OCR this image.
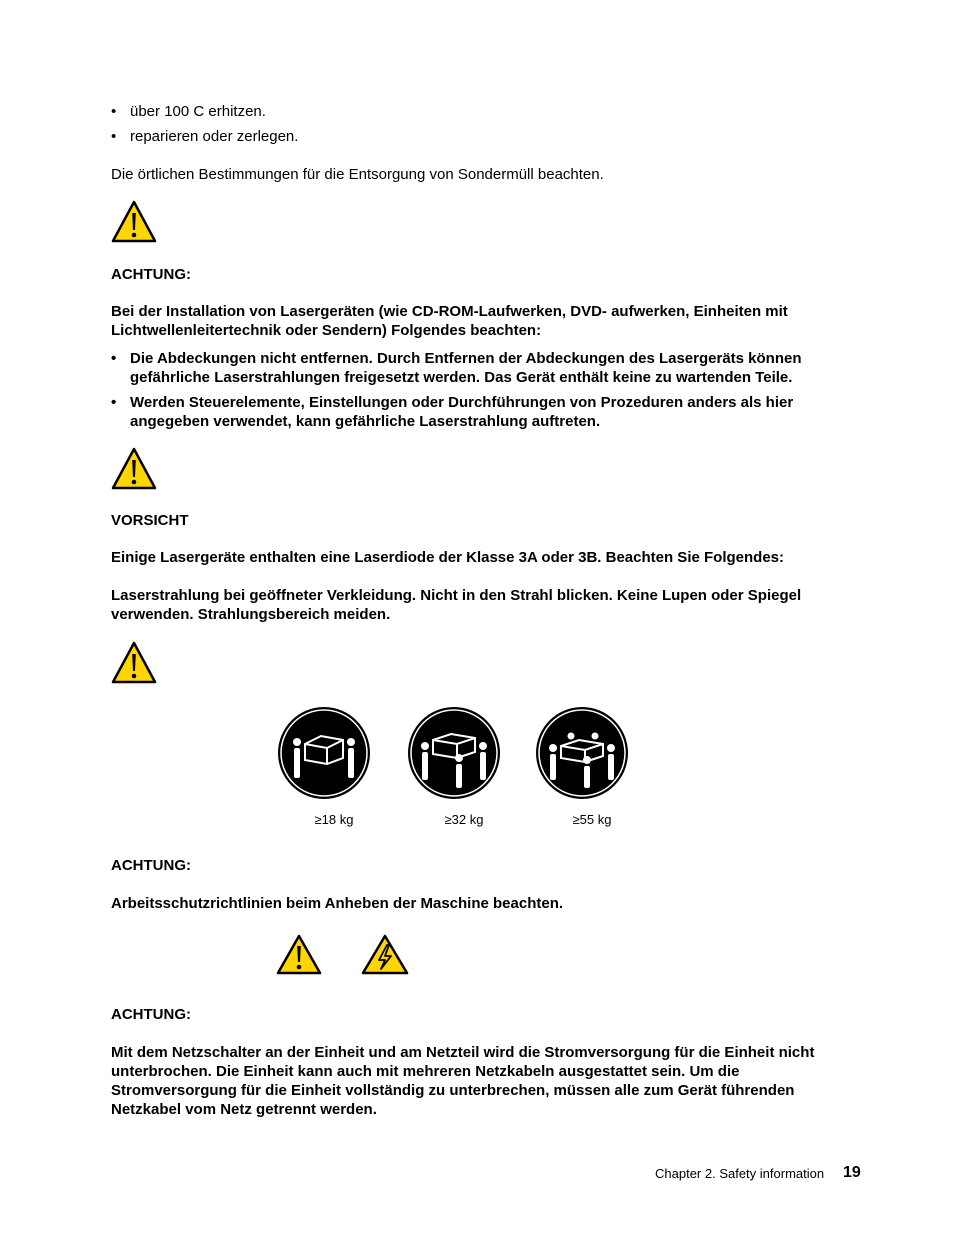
• über 100 C erhitzen.
• reparieren oder zerlegen.
Die örtlichen Bestimmungen für die Entsorgung von Sondermüll beachten.
ACHTUNG:
Bei der Installation von Lasergeräten (wie CD-ROM-Laufwerken, DVD- aufwerken, Einheiten mit Lichtwellenleitertechnik oder Sendern) Folgendes beachten:
• Die Abdeckungen nicht entfernen. Durch Entfernen der Abdeckungen des Lasergeräts können gefährliche Laserstrahlungen freigesetzt werden. Das Gerät enthält keine zu wartenden Teile.
• Werden Steuerelemente, Einstellungen oder Durchführungen von Prozeduren anders als hier angegeben verwendet, kann gefährliche Laserstrahlung auftreten.
VORSICHT
Einige Lasergeräte enthalten eine Laserdiode der Klasse 3A oder 3B. Beachten Sie Folgendes:
Laserstrahlung bei geöffneter Verkleidung. Nicht in den Strahl blicken. Keine Lupen oder Spiegel verwenden. Strahlungsbereich meiden.
≥18 kg	≥32 kg	≥55 kg
ACHTUNG:
Arbeitsschutzrichtlinien beim Anheben der Maschine beachten.
ACHTUNG:
Mit dem Netzschalter an der Einheit und am Netzteil wird die Stromversorgung für die Einheit nicht unterbrochen. Die Einheit kann auch mit mehreren Netzkabeln ausgestattet sein. Um die Stromversorgung für die Einheit vollständig zu unterbrechen, müssen alle zum Gerät führenden Netzkabel vom Netz getrennt werden.
Chapter 2. Safety information 19
